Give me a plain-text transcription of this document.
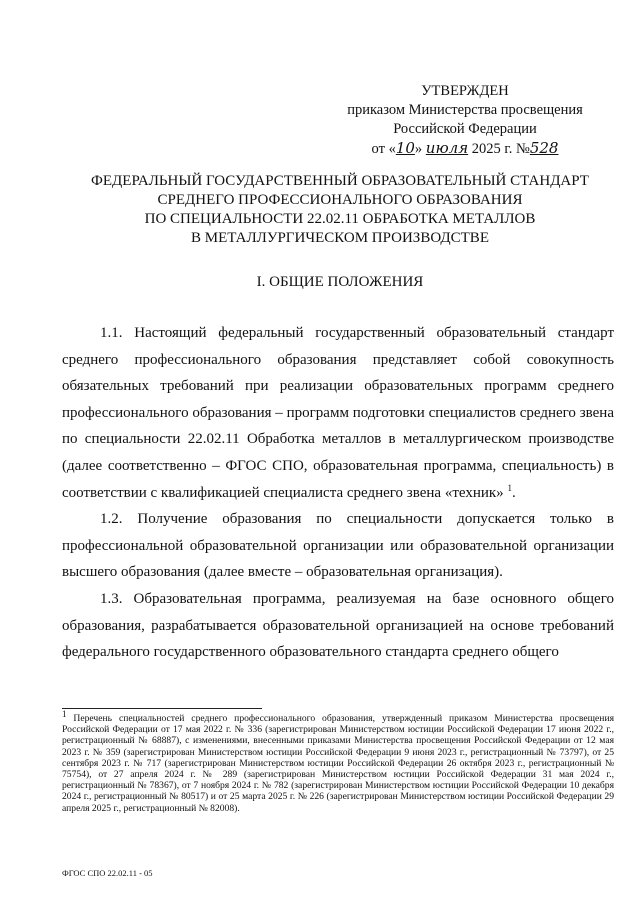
УТВЕРЖДЕН
приказом Министерства просвещения
Российской Федерации
от «10» июля 2025 г. №528
ФЕДЕРАЛЬНЫЙ ГОСУДАРСТВЕННЫЙ ОБРАЗОВАТЕЛЬНЫЙ СТАНДАРТ
СРЕДНЕГО ПРОФЕССИОНАЛЬНОГО ОБРАЗОВАНИЯ
ПО СПЕЦИАЛЬНОСТИ 22.02.11 ОБРАБОТКА МЕТАЛЛОВ
В МЕТАЛЛУРГИЧЕСКОМ ПРОИЗВОДСТВЕ
I. ОБЩИЕ ПОЛОЖЕНИЯ

1.1. Настоящий федеральный государственный образовательный стандарт среднего профессионального образования представляет собой совокупность обязательных требований при реализации образовательных программ среднего профессионального образования – программ подготовки специалистов среднего звена по специальности 22.02.11 Обработка металлов в металлургическом производстве (далее соответственно – ФГОС СПО, образовательная программа, специальность) в соответствии с квалификацией специалиста среднего звена «техник» $^1$.

1.2. Получение образования по специальности допускается только в профессиональной образовательной организации или образовательной организации высшего образования (далее вместе – образовательная организация).

1.3. Образовательная программа, реализуемая на базе основного общего образования, разрабатывается образовательной организацией на основе требований федерального государственного образовательного стандарта среднего общего

$^1$ Перечень специальностей среднего профессионального образования, утвержденный приказом Министерства просвещения Российской Федерации от 17 мая 2022 г. № 336 (зарегистрирован Министерством юстиции Российской Федерации 17 июня 2022 г., регистрационный № 68887), с изменениями, внесенными приказами Министерства просвещения Российской Федерации от 12 мая 2023 г. № 359 (зарегистрирован Министерством юстиции Российской Федерации 9 июня 2023 г., регистрационный № 73797), от 25 сентября 2023 г. № 717 (зарегистрирован Министерством юстиции Российской Федерации 26 октября 2023 г., регистрационный № 75754), от 27 апреля 2024 г. № 289 (зарегистрирован Министерством юстиции Российской Федерации 31 мая 2024 г., регистрационный № 78367), от 7 ноября 2024 г. № 782 (зарегистрирован Министерством юстиции Российской Федерации 10 декабря 2024 г., регистрационный № 80517) и от 25 марта 2025 г. № 226 (зарегистрирован Министерством юстиции Российской Федерации 29 апреля 2025 г., регистрационный № 82008).

ФГОС СПО 22.02.11 - 05
